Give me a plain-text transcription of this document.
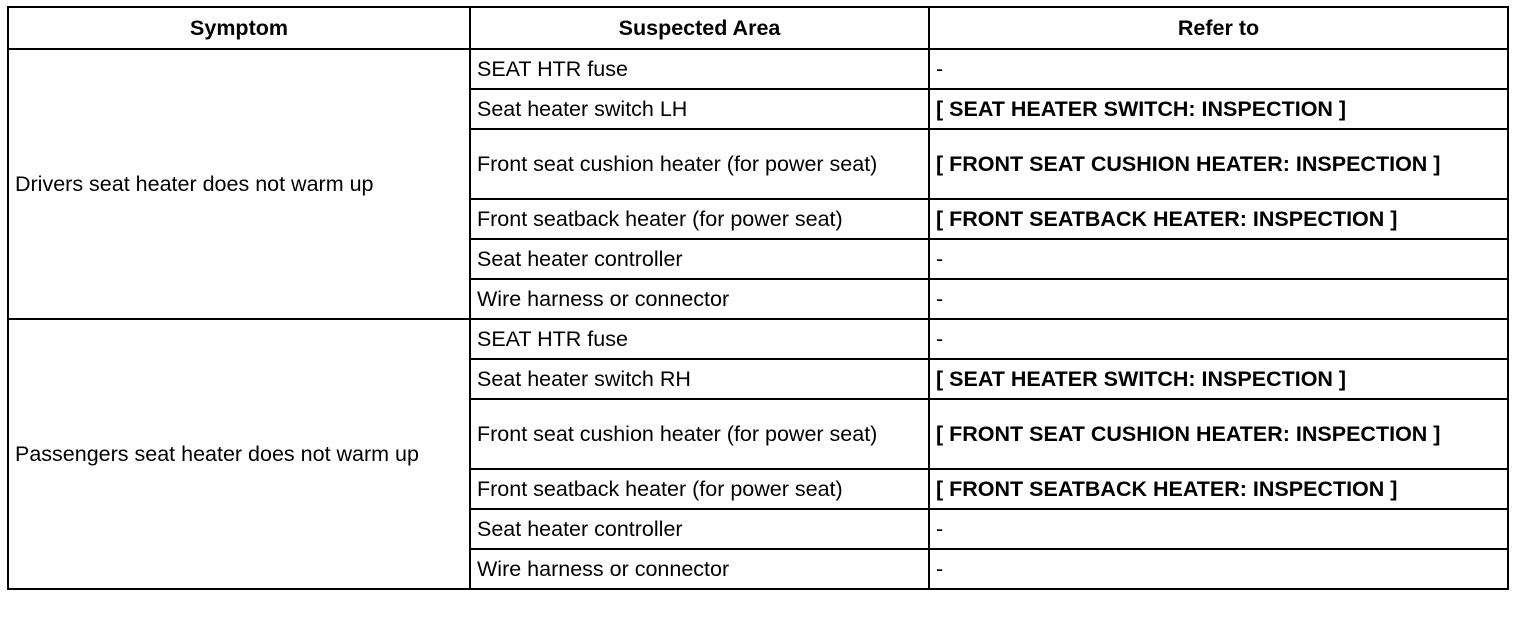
Symptom	Suspected Area	Refer to
Drivers seat heater does not warm up	SEAT HTR fuse	-
	Seat heater switch LH	[ SEAT HEATER SWITCH: INSPECTION ]
	Front seat cushion heater (for power seat)	[ FRONT SEAT CUSHION HEATER: INSPECTION ]
	Front seatback heater (for power seat)	[ FRONT SEATBACK HEATER: INSPECTION ]
	Seat heater controller	-
	Wire harness or connector	-
Passengers seat heater does not warm up	SEAT HTR fuse	-
	Seat heater switch RH	[ SEAT HEATER SWITCH: INSPECTION ]
	Front seat cushion heater (for power seat)	[ FRONT SEAT CUSHION HEATER: INSPECTION ]
	Front seatback heater (for power seat)	[ FRONT SEATBACK HEATER: INSPECTION ]
	Seat heater controller	-
	Wire harness or connector	-
